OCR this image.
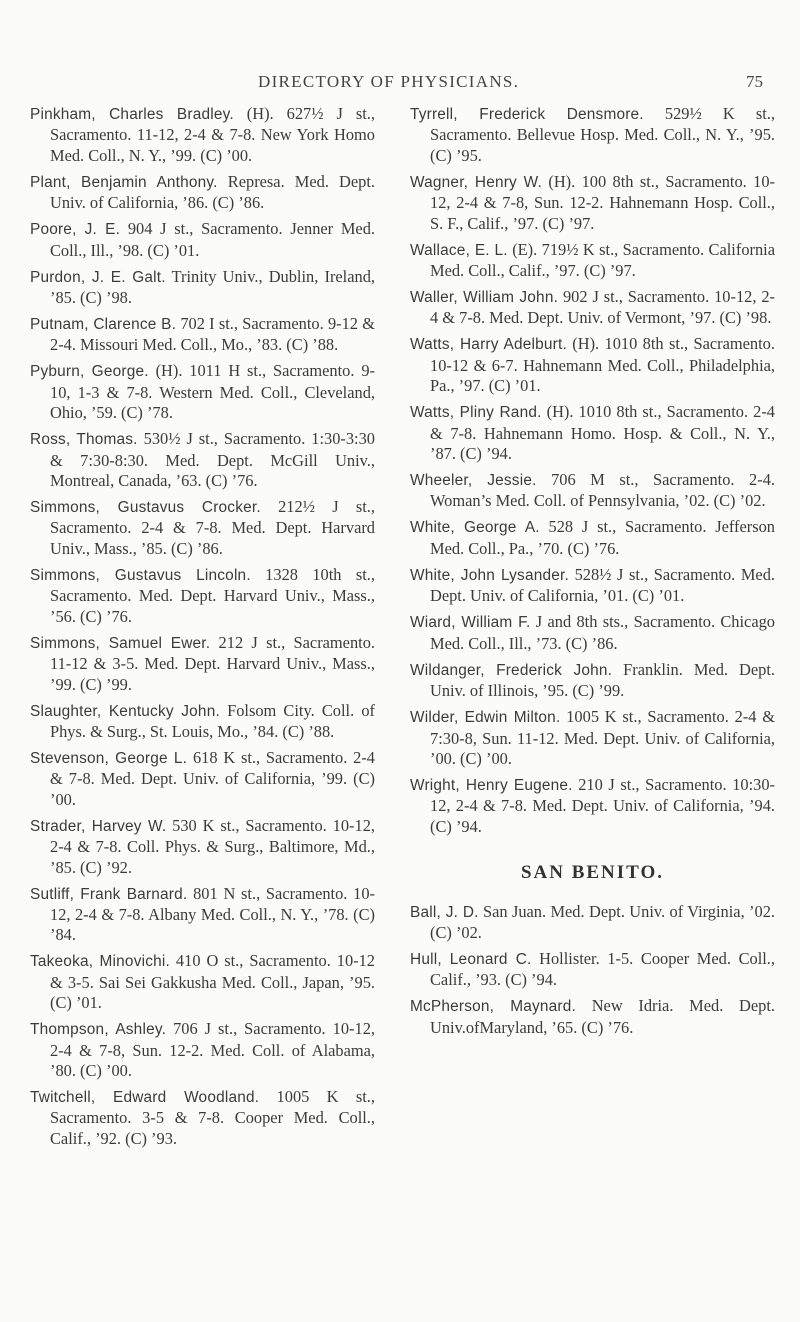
DIRECTORY OF PHYSICIANS.	75

Pinkham, Charles Bradley. (H). 627½ J st., Sacramento. 11-12, 2-4 & 7-8. New York Homo Med. Coll., N. Y., ’99. (C) ’00.

Plant, Benjamin Anthony. Represa. Med. Dept. Univ. of California, ’86. (C) ’86.

Poore, J. E. 904 J st., Sacramento. Jenner Med. Coll., Ill., ’98. (C) ’01.

Purdon, J. E. Galt. Trinity Univ., Dublin, Ireland, ’85. (C) ’98.

Putnam, Clarence B. 702 I st., Sacramento. 9-12 & 2-4. Missouri Med. Coll., Mo., ’83. (C) ’88.

Pyburn, George. (H). 1011 H st., Sacramento. 9-10, 1-3 & 7-8. Western Med. Coll., Cleveland, Ohio, ’59. (C) ’78.

Ross, Thomas. 530½ J st., Sacramento. 1:30-3:30 & 7:30-8:30. Med. Dept. McGill Univ., Montreal, Canada, ’63. (C) ’76.

Simmons, Gustavus Crocker. 212½ J st., Sacramento. 2-4 & 7-8. Med. Dept. Harvard Univ., Mass., ’85. (C) ’86.

Simmons, Gustavus Lincoln. 1328 10th st., Sacramento. Med. Dept. Harvard Univ., Mass., ’56. (C) ’76.

Simmons, Samuel Ewer. 212 J st., Sacramento. 11-12 & 3-5. Med. Dept. Harvard Univ., Mass., ’99. (C) ’99.

Slaughter, Kentucky John. Folsom City. Coll. of Phys. & Surg., St. Louis, Mo., ’84. (C) ’88.

Stevenson, George L. 618 K st., Sacramento. 2-4 & 7-8. Med. Dept. Univ. of California, ’99. (C) ’00.

Strader, Harvey W. 530 K st., Sacramento. 10-12, 2-4 & 7-8. Coll. Phys. & Surg., Baltimore, Md., ’85. (C) ’92.

Sutliff, Frank Barnard. 801 N st., Sacramento. 10-12, 2-4 & 7-8. Albany Med. Coll., N. Y., ’78. (C) ’84.

Takeoka, Minovichi. 410 O st., Sacramento. 10-12 & 3-5. Sai Sei Gakkusha Med. Coll., Japan, ’95. (C) ’01.

Thompson, Ashley. 706 J st., Sacramento. 10-12, 2-4 & 7-8, Sun. 12-2. Med. Coll. of Alabama, ’80. (C) ’00.

Twitchell, Edward Woodland. 1005 K st., Sacramento. 3-5 & 7-8. Cooper Med. Coll., Calif., ’92. (C) ’93.

Tyrrell, Frederick Densmore. 529½ K st., Sacramento. Bellevue Hosp. Med. Coll., N. Y., ’95. (C) ’95.

Wagner, Henry W. (H). 100 8th st., Sacramento. 10-12, 2-4 & 7-8, Sun. 12-2. Hahnemann Hosp. Coll., S. F., Calif., ’97. (C) ’97.

Wallace, E. L. (E). 719½ K st., Sacramento. California Med. Coll., Calif., ’97. (C) ’97.

Waller, William John. 902 J st., Sacramento. 10-12, 2-4 & 7-8. Med. Dept. Univ. of Vermont, ’97. (C) ’98.

Watts, Harry Adelburt. (H). 1010 8th st., Sacramento. 10-12 & 6-7. Hahnemann Med. Coll., Philadelphia, Pa., ’97. (C) ’01.

Watts, Pliny Rand. (H). 1010 8th st., Sacramento. 2-4 & 7-8. Hahnemann Homo. Hosp. & Coll., N. Y., ’87. (C) ’94.

Wheeler, Jessie. 706 M st., Sacramento. 2-4. Woman’s Med. Coll. of Pennsylvania, ’02. (C) ’02.

White, George A. 528 J st., Sacramento. Jefferson Med. Coll., Pa., ’70. (C) ’76.

White, John Lysander. 528½ J st., Sacramento. Med. Dept. Univ. of California, ’01. (C) ’01.

Wiard, William F. J and 8th sts., Sacramento. Chicago Med. Coll., Ill., ’73. (C) ’86.

Wildanger, Frederick John. Franklin. Med. Dept. Univ. of Illinois, ’95. (C) ’99.

Wilder, Edwin Milton. 1005 K st., Sacramento. 2-4 & 7:30-8, Sun. 11-12. Med. Dept. Univ. of California, ’00. (C) ’00.

Wright, Henry Eugene. 210 J st., Sacramento. 10:30-12, 2-4 & 7-8. Med. Dept. Univ. of California, ’94. (C) ’94.

SAN BENITO.

Ball, J. D. San Juan. Med. Dept. Univ. of Virginia, ’02. (C) ’02.

Hull, Leonard C. Hollister. 1-5. Cooper Med. Coll., Calif., ’93. (C) ’94.

McPherson, Maynard. New Idria. Med. Dept. Univ.ofMaryland, ’65. (C) ’76.
